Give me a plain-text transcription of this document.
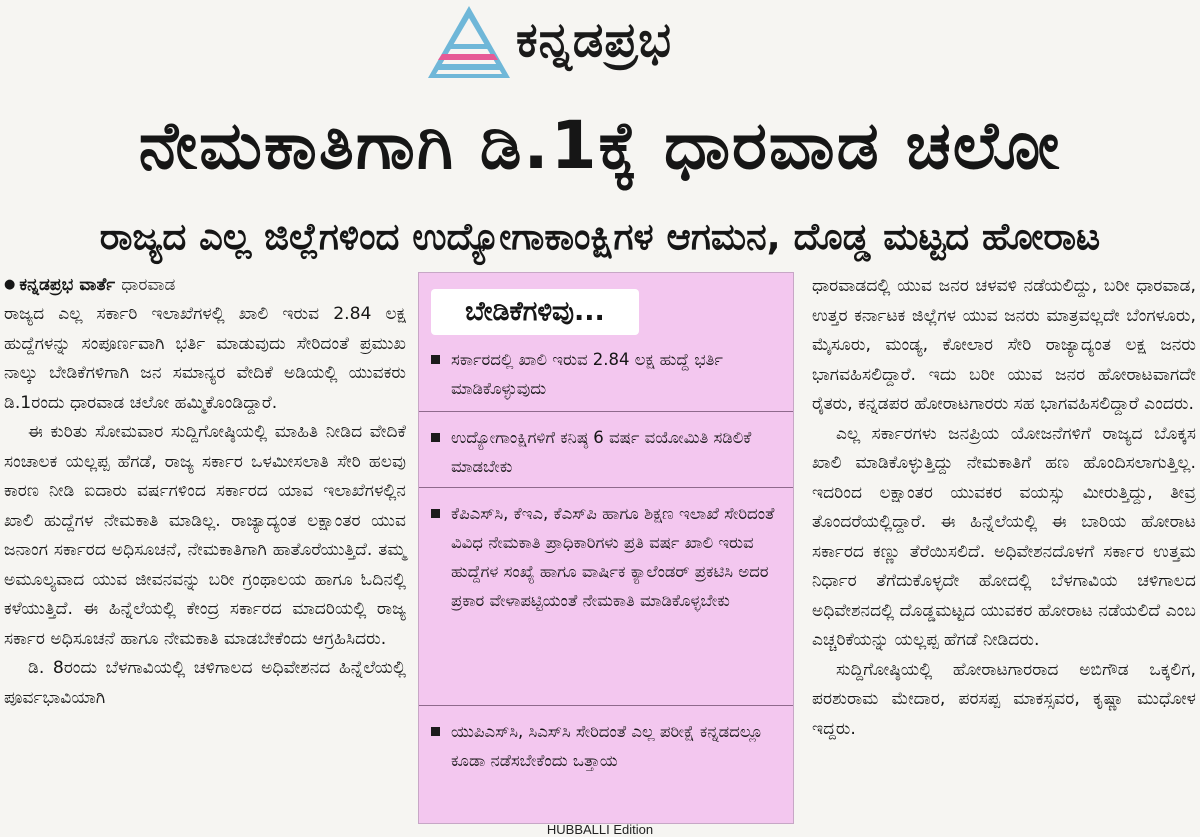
ಕನ್ನಡಪ್ರಭ
ನೇಮಕಾತಿಗಾಗಿ ಡಿ.1ಕ್ಕೆ ಧಾರವಾಡ ಚಲೋ
ರಾಜ್ಯದ ಎಲ್ಲ ಜಿಲ್ಲೆಗಳಿಂದ ಉದ್ಯೋಗಾಕಾಂಕ್ಷಿಗಳ ಆಗಮನ, ದೊಡ್ಡ ಮಟ್ಟದ ಹೋರಾಟ

● ಕನ್ನಡಪ್ರಭ ವಾರ್ತೆ ಧಾರವಾಡ

ರಾಜ್ಯದ ಎಲ್ಲ ಸರ್ಕಾರಿ ಇಲಾಖೆಗಳಲ್ಲಿ ಖಾಲಿ ಇರುವ 2.84 ಲಕ್ಷ ಹುದ್ದೆಗಳನ್ನು ಸಂಪೂರ್ಣವಾಗಿ ಭರ್ತಿ ಮಾಡುವುದು ಸೇರಿದಂತೆ ಪ್ರಮುಖ ನಾಲ್ಕು ಬೇಡಿಕೆಗಳಿಗಾಗಿ ಜನ ಸಮಾನ್ಯರ ವೇದಿಕೆ ಅಡಿಯಲ್ಲಿ ಯುವಕರು ಡಿ.1ರಂದು ಧಾರವಾಡ ಚಲೋ ಹಮ್ಮಿಕೊಂಡಿದ್ದಾರೆ.

ಈ ಕುರಿತು ಸೋಮವಾರ ಸುದ್ದಿಗೋಷ್ಠಿಯಲ್ಲಿ ಮಾಹಿತಿ ನೀಡಿದ ವೇದಿಕೆ ಸಂಚಾಲಕ ಯಲ್ಲಪ್ಪ ಹೆಗಡೆ, ರಾಜ್ಯ ಸರ್ಕಾರ ಒಳಮೀಸಲಾತಿ ಸೇರಿ ಹಲವು ಕಾರಣ ನೀಡಿ ಐದಾರು ವರ್ಷಗಳಿಂದ ಸರ್ಕಾರದ ಯಾವ ಇಲಾಖೆಗಳಲ್ಲಿನ ಖಾಲಿ ಹುದ್ದೆಗಳ ನೇಮಕಾತಿ ಮಾಡಿಲ್ಲ. ರಾಜ್ಯಾದ್ಯಂತ ಲಕ್ಷಾಂತರ ಯುವ ಜನಾಂಗ ಸರ್ಕಾರದ ಅಧಿಸೂಚನೆ, ನೇಮಕಾತಿಗಾಗಿ ಹಾತೊರೆಯುತ್ತಿದೆ. ತಮ್ಮ ಅಮೂಲ್ಯವಾದ ಯುವ ಜೀವನವನ್ನು ಬರೀ ಗ್ರಂಥಾಲಯ ಹಾಗೂ ಓದಿನಲ್ಲಿ ಕಳೆಯುತ್ತಿದೆ. ಈ ಹಿನ್ನೆಲೆಯಲ್ಲಿ ಕೇಂದ್ರ ಸರ್ಕಾರದ ಮಾದರಿಯಲ್ಲಿ ರಾಜ್ಯ ಸರ್ಕಾರ ಅಧಿಸೂಚನೆ ಹಾಗೂ ನೇಮಕಾತಿ ಮಾಡಬೇಕೆಂದು ಆಗ್ರಹಿಸಿದರು.

ಡಿ. 8ರಂದು ಬೆಳಗಾವಿಯಲ್ಲಿ ಚಳಿಗಾಲದ ಅಧಿವೇಶನದ ಹಿನ್ನೆಲೆಯಲ್ಲಿ ಪೂರ್ವಭಾವಿಯಾಗಿ

ಬೇಡಿಕೆಗಳಿವು...
ಸರ್ಕಾರದಲ್ಲಿ ಖಾಲಿ ಇರುವ 2.84 ಲಕ್ಷ ಹುದ್ದೆ ಭರ್ತಿ ಮಾಡಿಕೊಳ್ಳುವುದು
ಉದ್ಯೋಗಾಂಕ್ಷಿಗಳಿಗೆ ಕನಿಷ್ಠ 6 ವರ್ಷ ವಯೋಮಿತಿ ಸಡಿಲಿಕೆ ಮಾಡಬೇಕು
ಕೆಪಿಎಸ್‌ಸಿ, ಕೆಇಎ, ಕೆಎಸ್‌ಪಿ ಹಾಗೂ ಶಿಕ್ಷಣ ಇಲಾಖೆ ಸೇರಿದಂತೆ ವಿವಿಧ ನೇಮಕಾತಿ ಪ್ರಾಧಿಕಾರಿಗಳು ಪ್ರತಿ ವರ್ಷ ಖಾಲಿ ಇರುವ ಹುದ್ದೆಗಳ ಸಂಖ್ಯೆ ಹಾಗೂ ವಾರ್ಷಿಕ ಕ್ಯಾಲೆಂಡರ್ ಪ್ರಕಟಿಸಿ ಅದರ ಪ್ರಕಾರ ವೇಳಾಪಟ್ಟಿಯಂತೆ ನೇಮಕಾತಿ ಮಾಡಿಕೊಳ್ಳಬೇಕು
ಯುಪಿಎಸ್‌ಸಿ, ಸಿಎಸ್‌ಸಿ ಸೇರಿದಂತೆ ಎಲ್ಲ ಪರೀಕ್ಷೆ ಕನ್ನಡದಲ್ಲೂ ಕೂಡಾ ನಡೆಸಬೇಕೆಂದು ಒತ್ತಾಯ

ಧಾರವಾಡದಲ್ಲಿ ಯುವ ಜನರ ಚಳವಳಿ ನಡೆಯಲಿದ್ದು, ಬರೀ ಧಾರವಾಡ, ಉತ್ತರ ಕರ್ನಾಟಕ ಜಿಲ್ಲೆಗಳ ಯುವ ಜನರು ಮಾತ್ರವಲ್ಲದೇ ಬೆಂಗಳೂರು, ಮೈಸೂರು, ಮಂಡ್ಯ, ಕೋಲಾರ ಸೇರಿ ರಾಜ್ಯಾದ್ಯಂತ ಲಕ್ಷ ಜನರು ಭಾಗವಹಿಸಲಿದ್ದಾರೆ. ಇದು ಬರೀ ಯುವ ಜನರ ಹೋರಾಟವಾಗದೇ ರೈತರು, ಕನ್ನಡಪರ ಹೋರಾಟಗಾರರು ಸಹ ಭಾಗವಹಿಸಲಿದ್ದಾರೆ ಎಂದರು.

ಎಲ್ಲ ಸರ್ಕಾರಗಳು ಜನಪ್ರಿಯ ಯೋಜನೆಗಳಿಗೆ ರಾಜ್ಯದ ಬೊಕ್ಕಸ ಖಾಲಿ ಮಾಡಿಕೊಳ್ಳುತ್ತಿದ್ದು ನೇಮಕಾತಿಗೆ ಹಣ ಹೊಂದಿಸಲಾಗುತ್ತಿಲ್ಲ. ಇದರಿಂದ ಲಕ್ಷಾಂತರ ಯುವಕರ ವಯಸ್ಸು ಮೀರುತ್ತಿದ್ದು, ತೀವ್ರ ತೊಂದರೆಯಲ್ಲಿದ್ದಾರೆ. ಈ ಹಿನ್ನೆಲೆಯಲ್ಲಿ ಈ ಬಾರಿಯ ಹೋರಾಟ ಸರ್ಕಾರದ ಕಣ್ಣು ತೆರೆಯಿಸಲಿದೆ. ಅಧಿವೇಶನದೊಳಗೆ ಸರ್ಕಾರ ಉತ್ತಮ ನಿರ್ಧಾರ ತೆಗೆದುಕೊಳ್ಳದೇ ಹೋದಲ್ಲಿ ಬೆಳಗಾವಿಯ ಚಳಿಗಾಲದ ಅಧಿವೇಶನದಲ್ಲಿ ದೊಡ್ಡಮಟ್ಟದ ಯುವಕರ ಹೋರಾಟ ನಡೆಯಲಿದೆ ಎಂಬ ಎಚ್ಚರಿಕೆಯನ್ನು ಯಲ್ಲಪ್ಪ ಹೆಗಡೆ ನೀಡಿದರು.

ಸುದ್ದಿಗೋಷ್ಠಿಯಲ್ಲಿ ಹೋರಾಟಗಾರರಾದ ಅಬಿಗೌಡ ಒಕ್ಕಲಿಗ, ಪರಶುರಾಮ ಮೇದಾರ, ಪರಸಪ್ಪ ಮಾಕಸ್ಸವರ, ಕೃಷ್ಣಾ ಮುಧೋಳ ಇದ್ದರು.

HUBBALLI Edition
